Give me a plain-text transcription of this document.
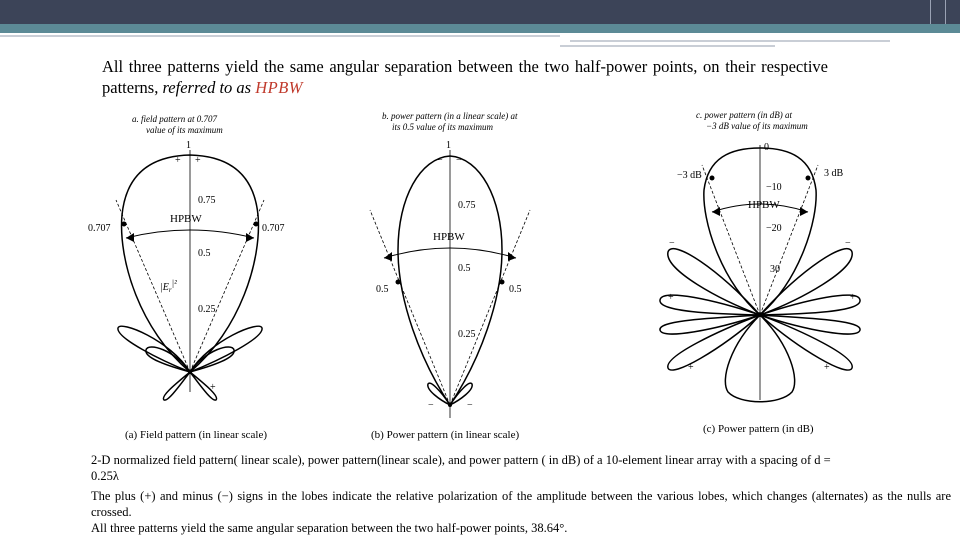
All three patterns yield the same angular separation between the two half-power points, on their respective patterns, referred to as HPBW
a. field pattern at 0.707
value of its maximum
b. power pattern (in a linear scale) at
its 0.5 value of its maximum
c. power pattern (in dB) at
−3 dB value of its maximum
1
+ +
0.75
HPBW
0.707	0.707
0.5
$|E_r|^2$
0.25
+
1
− −
0.75
HPBW
0.5
0.5	0.5
0.25
−	−
0
−3 dB	3 dB
−10
HPBW
−20
30
−	−
+	+
+	+
−
(a) Field pattern (in linear scale)	(b) Power pattern (in linear scale)	(c) Power pattern (in dB)

2-D normalized field pattern( linear scale), power pattern(linear scale), and power pattern ( in dB) of a 10-element linear array with a spacing of d = 0.25λ

The plus (+) and minus (−) signs in the lobes indicate the relative polarization of the amplitude between the various lobes, which changes (alternates) as the nulls are crossed.

All three patterns yield the same angular separation between the two half-power points, 38.64°.
